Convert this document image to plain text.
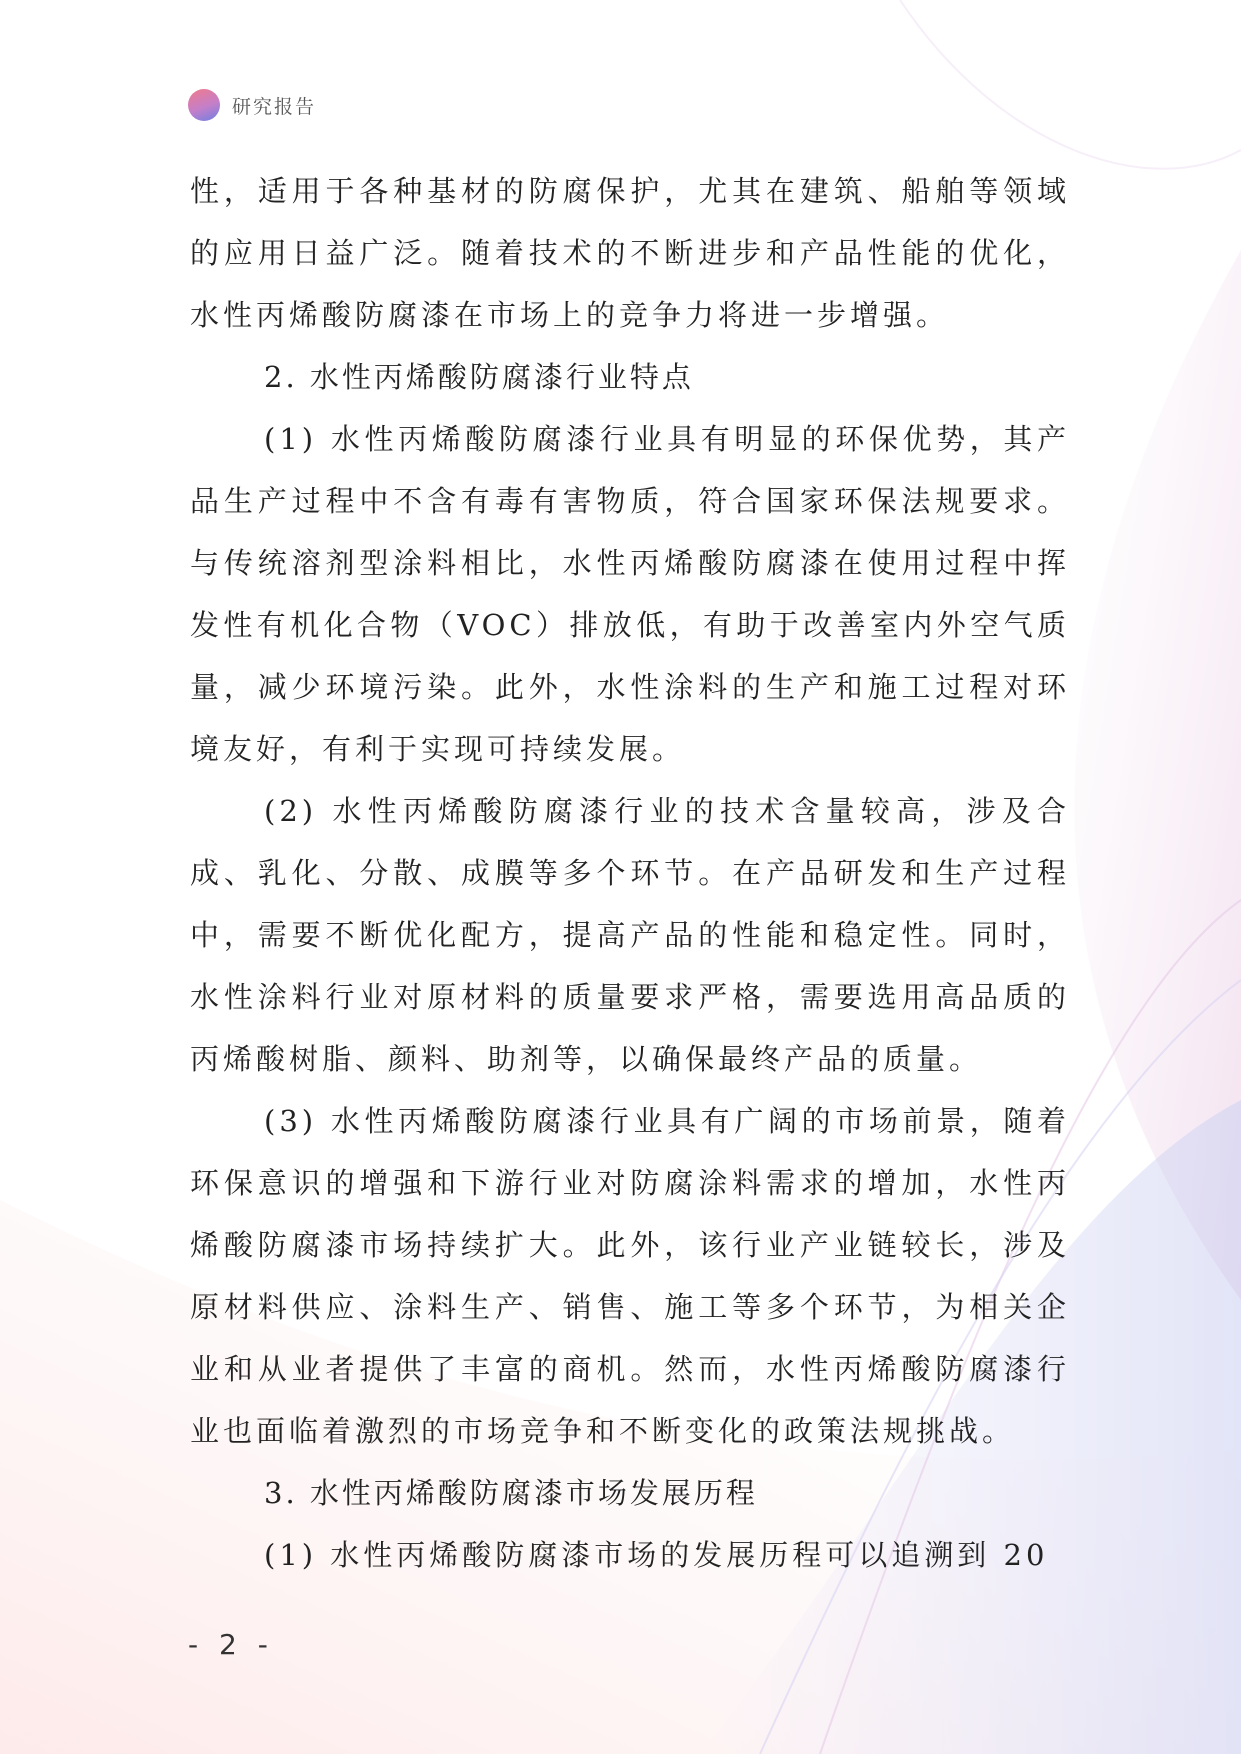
研究报告

性，适用于各种基材的防腐保护，尤其在建筑、船舶等领域的应用日益广泛。随着技术的不断进步和产品性能的优化，水性丙烯酸防腐漆在市场上的竞争力将进一步增强。

2. 水性丙烯酸防腐漆行业特点

(1) 水性丙烯酸防腐漆行业具有明显的环保优势，其产品生产过程中不含有毒有害物质，符合国家环保法规要求。与传统溶剂型涂料相比，水性丙烯酸防腐漆在使用过程中挥发性有机化合物（VOC）排放低，有助于改善室内外空气质量，减少环境污染。此外，水性涂料的生产和施工过程对环境友好，有利于实现可持续发展。

(2) 水性丙烯酸防腐漆行业的技术含量较高，涉及合成、乳化、分散、成膜等多个环节。在产品研发和生产过程中，需要不断优化配方，提高产品的性能和稳定性。同时，水性涂料行业对原材料的质量要求严格，需要选用高品质的丙烯酸树脂、颜料、助剂等，以确保最终产品的质量。

(3) 水性丙烯酸防腐漆行业具有广阔的市场前景，随着环保意识的增强和下游行业对防腐涂料需求的增加，水性丙烯酸防腐漆市场持续扩大。此外，该行业产业链较长，涉及原材料供应、涂料生产、销售、施工等多个环节，为相关企业和从业者提供了丰富的商机。然而，水性丙烯酸防腐漆行业也面临着激烈的市场竞争和不断变化的政策法规挑战。

3. 水性丙烯酸防腐漆市场发展历程

(1) 水性丙烯酸防腐漆市场的发展历程可以追溯到 20

- 2 -
